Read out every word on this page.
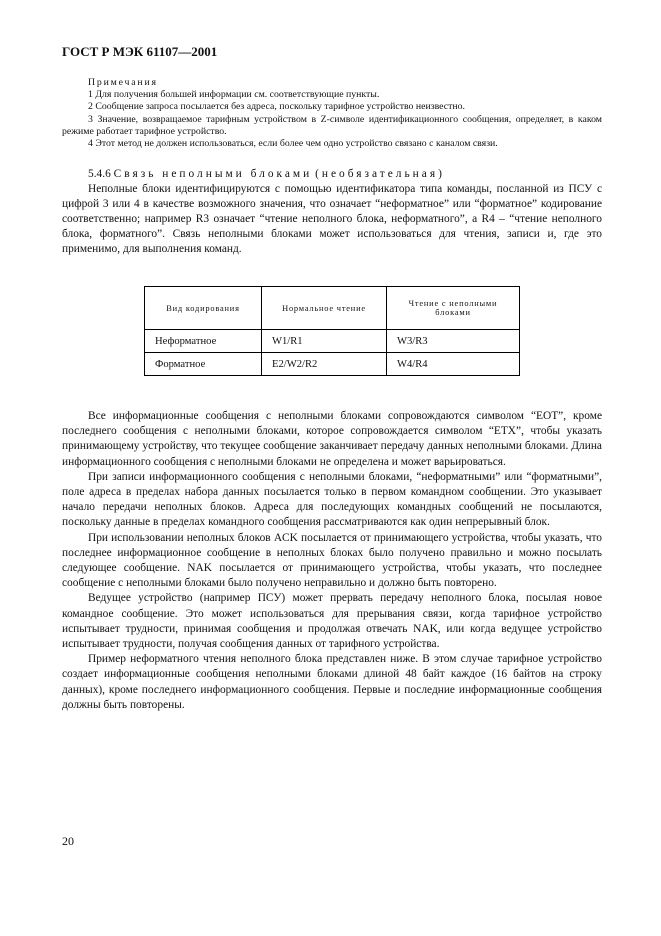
ГОСТ Р МЭК 61107—2001
Примечания

1 Для получения большей информации см. соответствующие пункты.

2 Сообщение запроса посылается без адреса, поскольку тарифное устройство неизвестно.

3 Значение, возвращаемое тарифным устройством в Z-символе идентификационного сообщения, определяет, в каком режиме работает тарифное устройство.

4 Этот метод не должен использоваться, если более чем одно устройство связано с каналом связи.

5.4.6 Связь неполными блоками (необязательная)

Неполные блоки идентифицируются с помощью идентификатора типа команды, посланной из ПСУ с цифрой 3 или 4 в качестве возможного значения, что означает “неформатное” или “форматное” кодирование соответственно; например R3 означает “чтение неполного блока, неформатного”, а R4 – “чтение неполного блока, форматного”. Связь неполными блоками может использоваться для чтения, записи и, где это применимо, для выполнения команд.

Вид кодирования	Нормальное чтение	Чтение с неполными блоками
Неформатное	W1/R1	W3/R3
Форматное	E2/W2/R2	W4/R4

Все информационные сообщения с неполными блоками сопровождаются символом “EOT”, кроме последнего сообщения с неполными блоками, которое сопровождается символом “ETX”, чтобы указать принимающему устройству, что текущее сообщение заканчивает передачу данных неполными блоками. Длина информационного сообщения с неполными блоками не определена и может варьироваться.

При записи информационного сообщения с неполными блоками, “неформатными” или “форматными”, поле адреса в пределах набора данных посылается только в первом командном сообщении. Это указывает начало передачи неполных блоков. Адреса для последующих командных сообщений не посылаются, поскольку данные в пределах командного сообщения рассматриваются как один непрерывный блок.

При использовании неполных блоков ACK посылается от принимающего устройства, чтобы указать, что последнее информационное сообщение в неполных блоках было получено правильно и можно посылать следующее сообщение. NAK посылается от принимающего устройства, чтобы указать, что последнее сообщение с неполными блоками было получено неправильно и должно быть повторено.

Ведущее устройство (например ПСУ) может прервать передачу неполного блока, посылая новое командное сообщение. Это может использоваться для прерывания связи, когда тарифное устройство испытывает трудности, принимая сообщения и продолжая отвечать NAK, или когда ведущее устройство испытывает трудности, получая сообщения данных от тарифного устройства.

Пример неформатного чтения неполного блока представлен ниже. В этом случае тарифное устройство создает информационные сообщения неполными блоками длиной 48 байт каждое (16 байтов на строку данных), кроме последнего информационного сообщения. Первые и последние информационные сообщения должны быть повторены.

20
